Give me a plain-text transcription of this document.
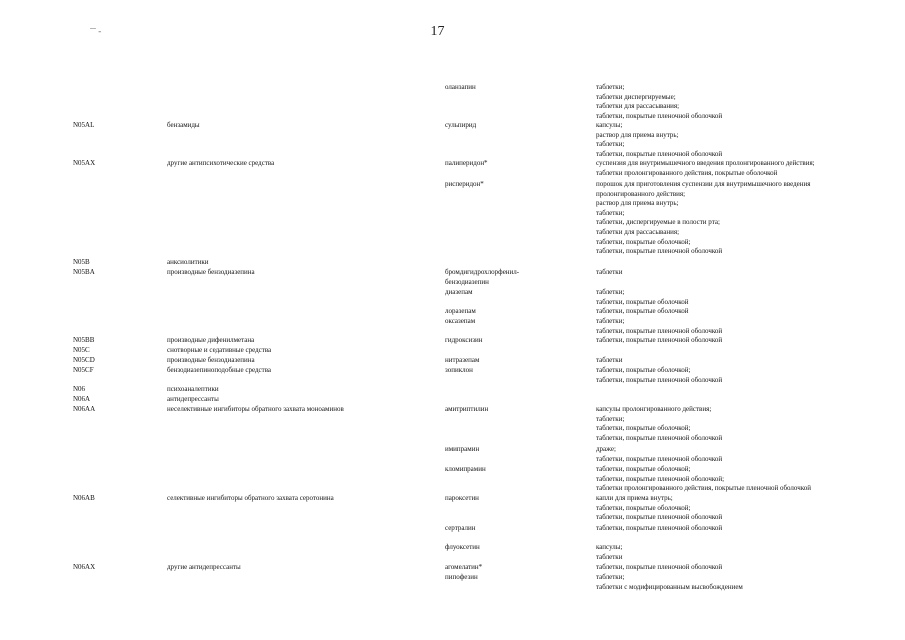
ˉˉ -	17
оланзапин	таблетки;
таблетки диспергируемые;
таблетки для рассасывания;
таблетки, покрытые пленочной оболочкой
N05AL	бензамиды	сульпирид	капсулы;
раствор для приема внутрь;
таблетки;
таблетки, покрытые пленочной оболочкой
N05AX	другие антипсихотические средства	палиперидон*	суспензия для внутримышечного введения пролонгированного действия;
таблетки пролонгированного действия, покрытые оболочкой
рисперидон*	порошок для приготовления суспензии для внутримышечного введения
пролонгированного действия;
раствор для приема внутрь;
таблетки;
таблетки, диспергируемые в полости рта;
таблетки для рассасывания;
таблетки, покрытые оболочкой;
таблетки, покрытые пленочной оболочкой
N05B	анксиолитики
N05BA	производные бензодиазепина	бромдигидрохлорфенил-	таблетки
бензодиазепин
диазепам	таблетки;
таблетки, покрытые оболочкой
лоразепам	таблетки, покрытые оболочкой
оксазепам	таблетки;
таблетки, покрытые пленочной оболочкой
N05BB	производные дифенилметана	гидроксизин	таблетки, покрытые пленочной оболочкой
N05C	снотворные и седативные средства
N05CD	производные бензодиазепина	нитразепам	таблетки
N05CF	бензодиазепиноподобные средства	зопиклон	таблетки, покрытые оболочкой;
таблетки, покрытые пленочной оболочкой
N06	психоаналептики
N06A	антидепрессанты
N06AA	неселективные ингибиторы обратного захвата моноаминов	амитриптилин	капсулы пролонгированного действия;
таблетки;
таблетки, покрытые оболочкой;
таблетки, покрытые пленочной оболочкой
имипрамин	драже;
таблетки, покрытые пленочной оболочкой
кломипрамин	таблетки, покрытые оболочкой;
таблетки, покрытые пленочной оболочкой;
таблетки пролонгированного действия, покрытые пленочной оболочкой
N06AB	селективные ингибиторы обратного захвата серотонина	пароксетин	капли для приема внутрь;
таблетки, покрытые оболочкой;
таблетки, покрытые пленочной оболочкой
сертралин	таблетки, покрытые пленочной оболочкой
флуоксетин	капсулы;
таблетки
N06AX	другие антидепрессанты	агомелатин*	таблетки, покрытые пленочной оболочкой
пипофезин	таблетки;
таблетки с модифицированным высвобождением
